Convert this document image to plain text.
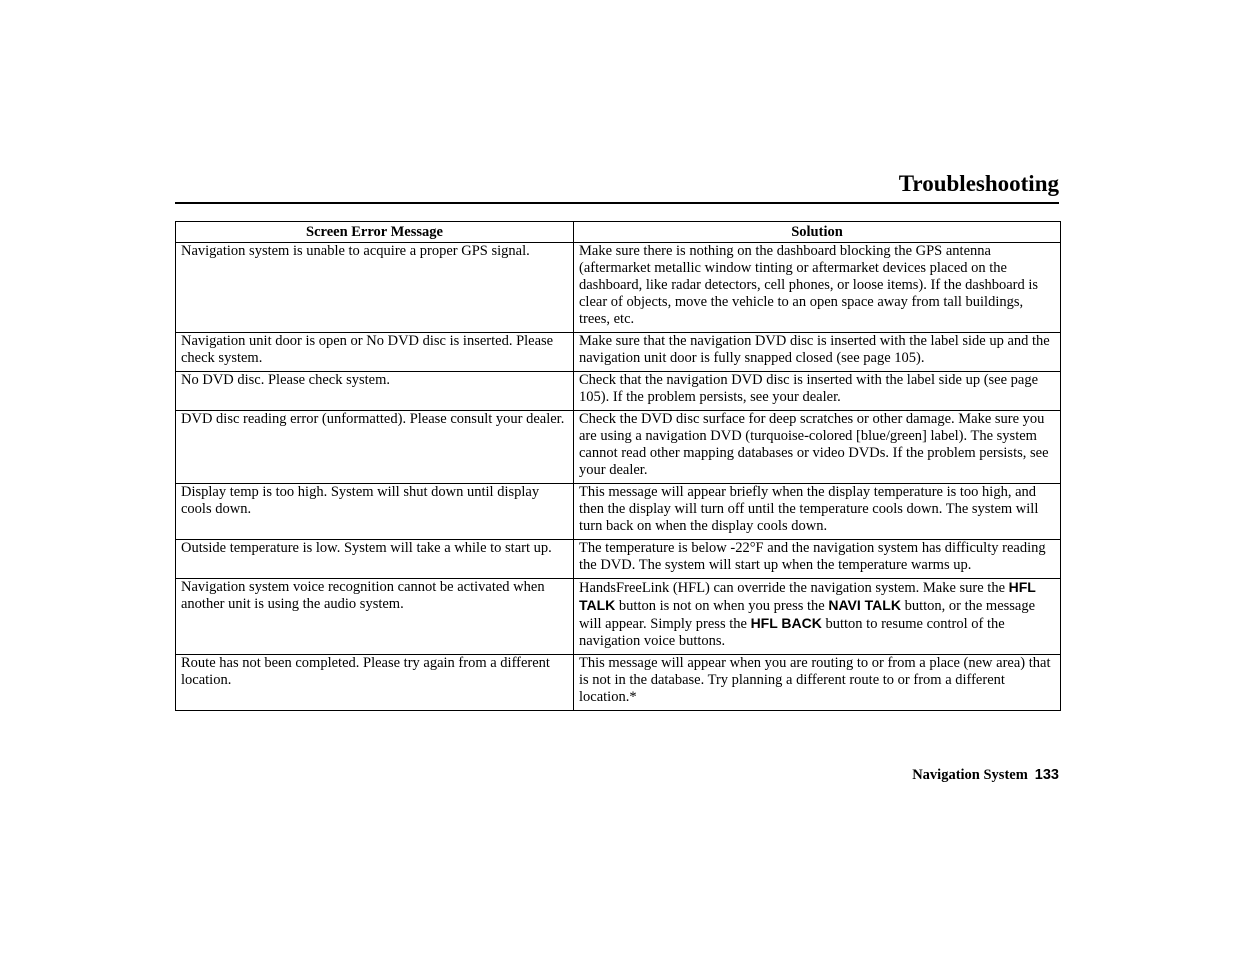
Troubleshooting
Screen Error Message	Solution
Navigation system is unable to acquire a proper GPS signal.	Make sure there is nothing on the dashboard blocking the GPS antenna (aftermarket metallic window tinting or aftermarket devices placed on the dashboard, like radar detectors, cell phones, or loose items). If the dashboard is clear of objects, move the vehicle to an open space away from tall buildings, trees, etc.
Navigation unit door is open or No DVD disc is inserted. Please check system.	Make sure that the navigation DVD disc is inserted with the label side up and the navigation unit door is fully snapped closed (see page 105).
No DVD disc. Please check system.	Check that the navigation DVD disc is inserted with the label side up (see page 105). If the problem persists, see your dealer.
DVD disc reading error (unformatted). Please consult your dealer.	Check the DVD disc surface for deep scratches or other damage. Make sure you are using a navigation DVD (turquoise-colored [blue/green] label). The system cannot read other mapping databases or video DVDs. If the problem persists, see your dealer.
Display temp is too high. System will shut down until display cools down.	This message will appear briefly when the display temperature is too high, and then the display will turn off until the temperature cools down. The system will turn back on when the display cools down.
Outside temperature is low. System will take a while to start up.	The temperature is below -22°F and the navigation system has difficulty reading the DVD. The system will start up when the temperature warms up.
Navigation system voice recognition cannot be activated when another unit is using the audio system.	HandsFreeLink (HFL) can override the navigation system. Make sure the HFL TALK button is not on when you press the NAVI TALK button, or the message will appear. Simply press the HFL BACK button to resume control of the navigation voice buttons.
Route has not been completed. Please try again from a different location.	This message will appear when you are routing to or from a place (new area) that is not in the database. Try planning a different route to or from a different location.*
Navigation System 133
